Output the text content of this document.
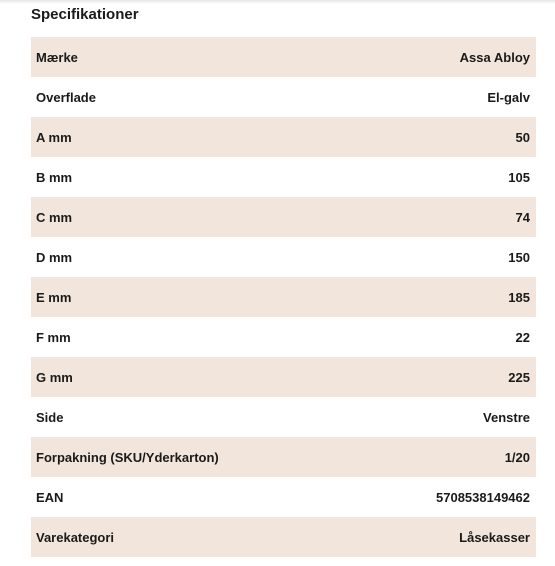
Specifikationer
Mærke	Assa Abloy
Overflade	El-galv
A mm	50
B mm	105
C mm	74
D mm	150
E mm	185
F mm	22
G mm	225
Side	Venstre
Forpakning (SKU/Yderkarton)	1/20
EAN	5708538149462
Varekategori	Låsekasser
